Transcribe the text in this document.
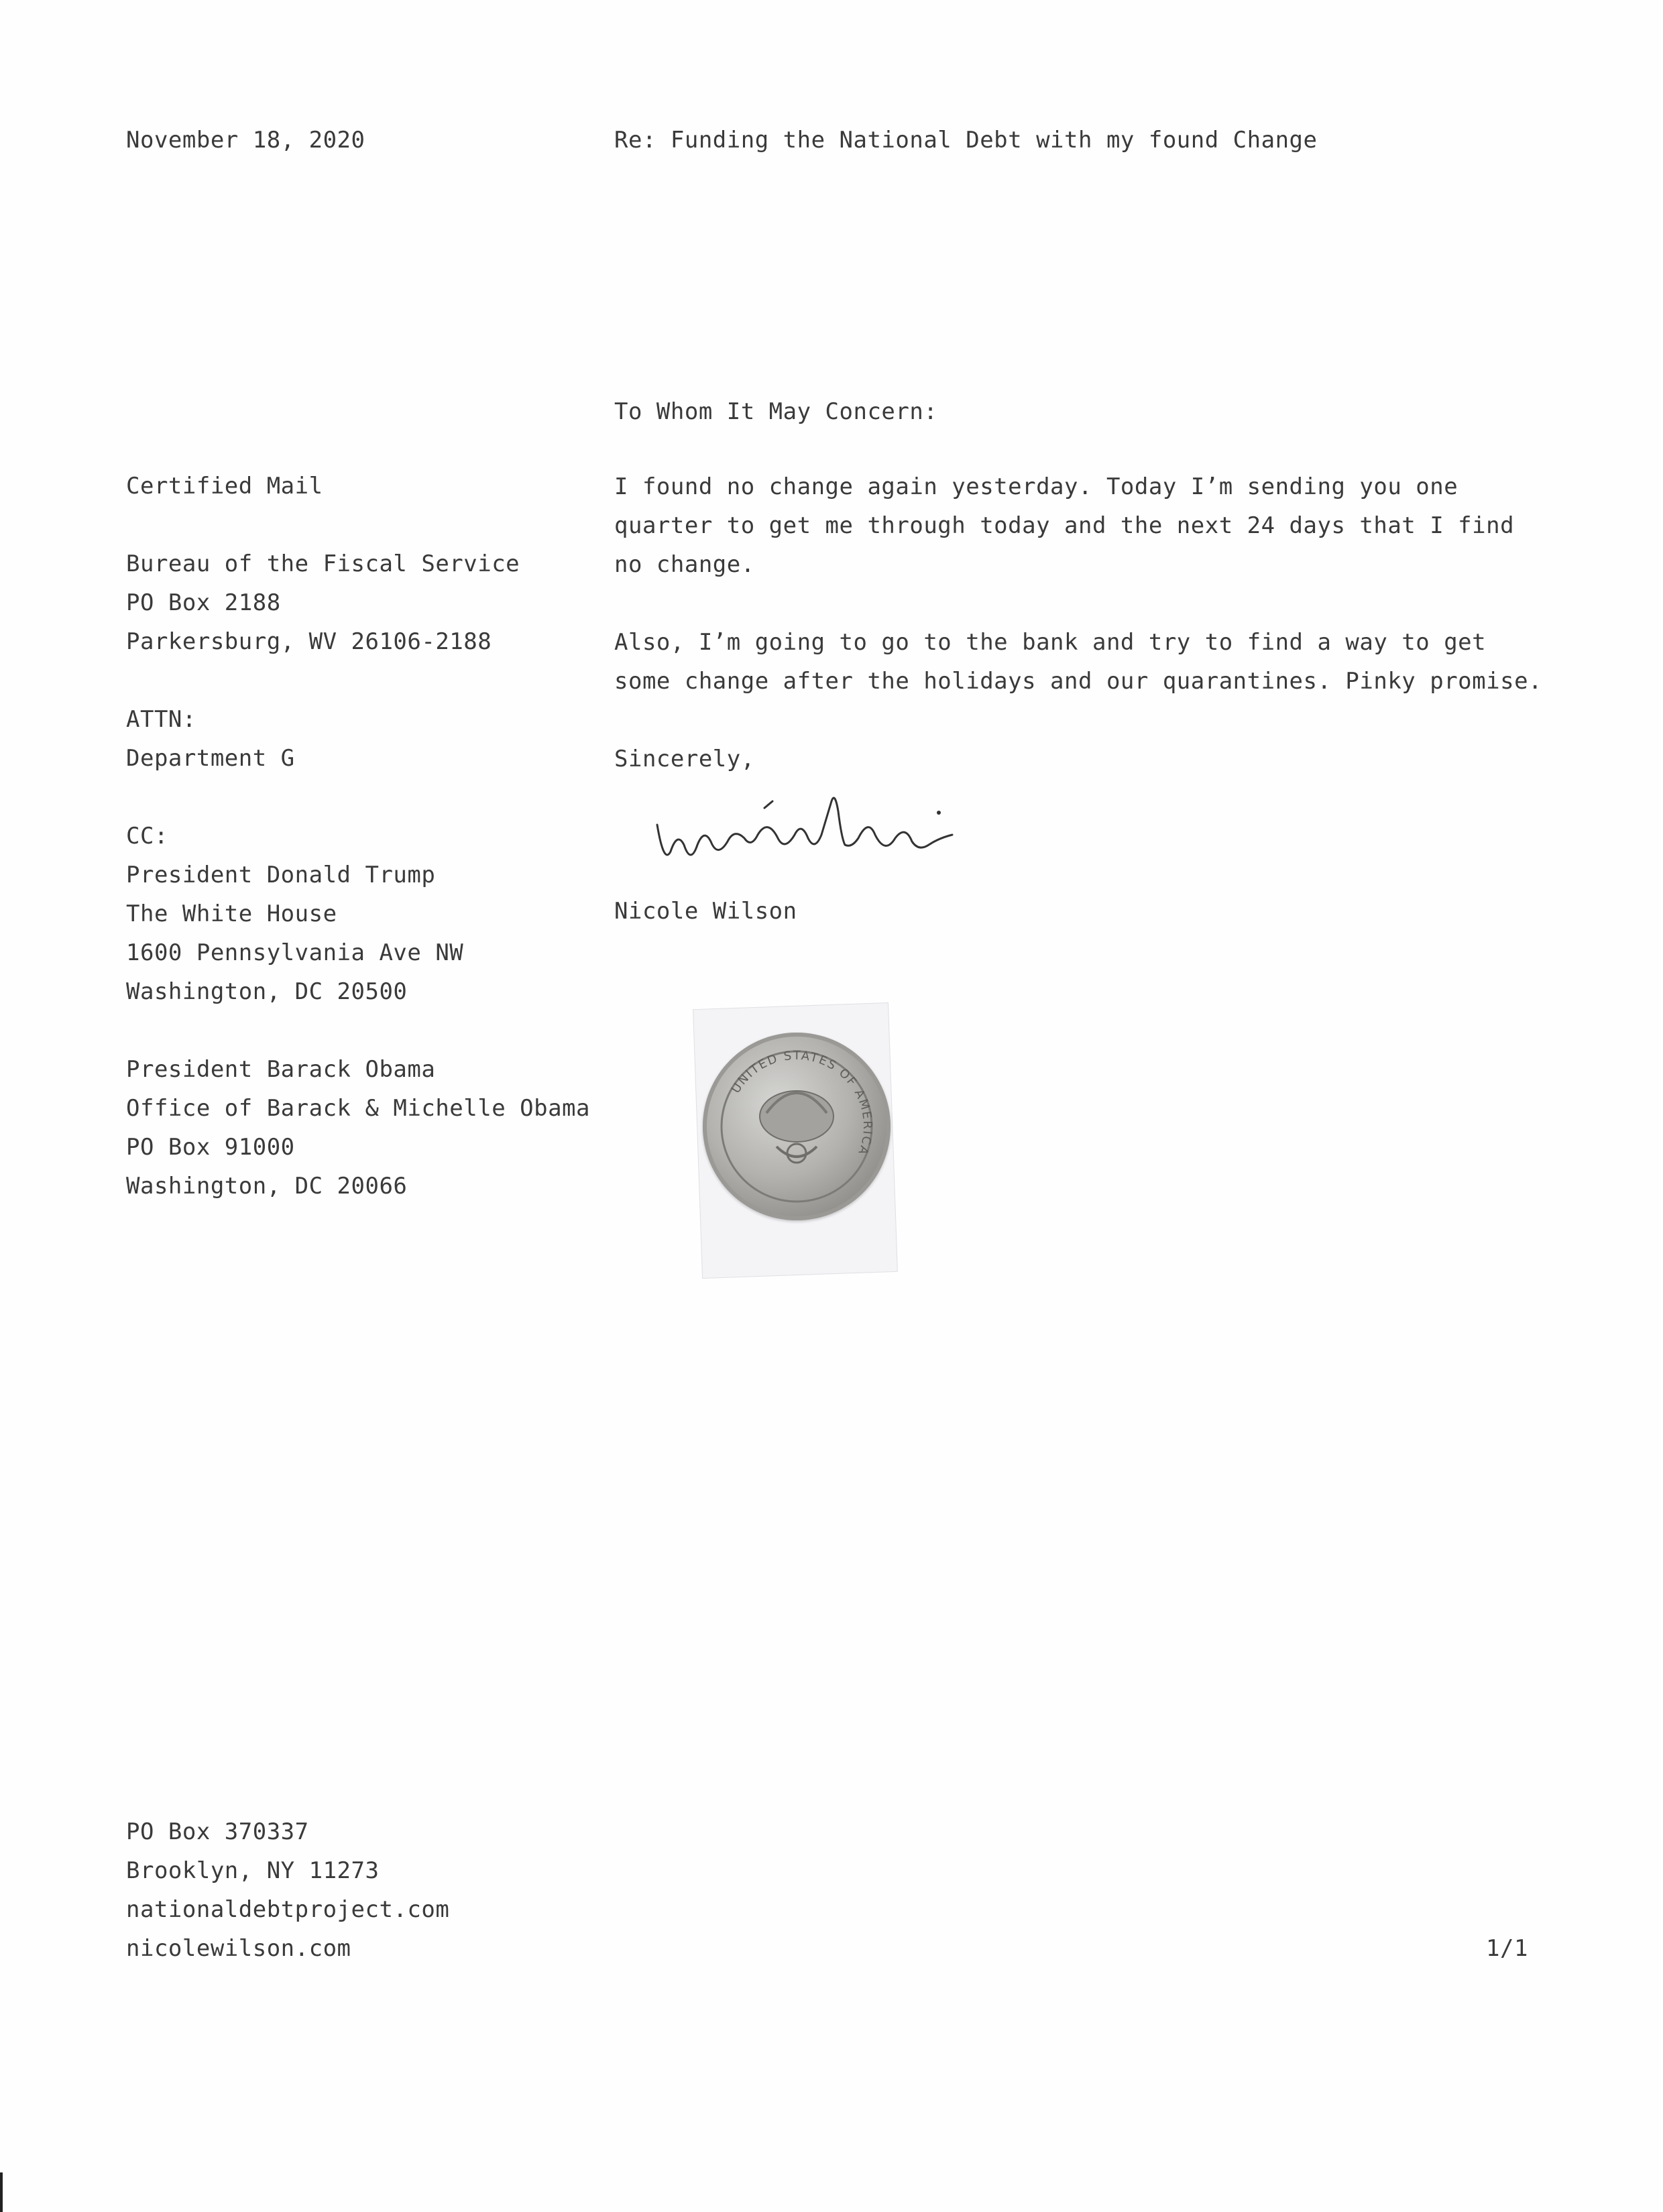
November 18, 2020	Re: Funding the National Debt with my found Change
Certified Mail
Bureau of the Fiscal Service
PO Box 2188
Parkersburg, WV 26106-2188
ATTN:
Department G
CC:
President Donald Trump
The White House
1600 Pennsylvania Ave NW
Washington, DC 20500
President Barack Obama
Office of Barack & Michelle Obama
PO Box 91000
Washington, DC 20066

To Whom It May Concern:

I found no change again yesterday. Today I’m sending you one quarter to get me through today and the next 24 days that I find no change.

Also, I’m going to go to the bank and try to find a way to get some change after the holidays and our quarantines. Pinky promise.

Sincerely,

Nicole Wilson
UNITED STATES OF AMERICA
PO Box 370337
Brooklyn, NY 11273
nationaldebtproject.com
nicolewilson.com	1/1
